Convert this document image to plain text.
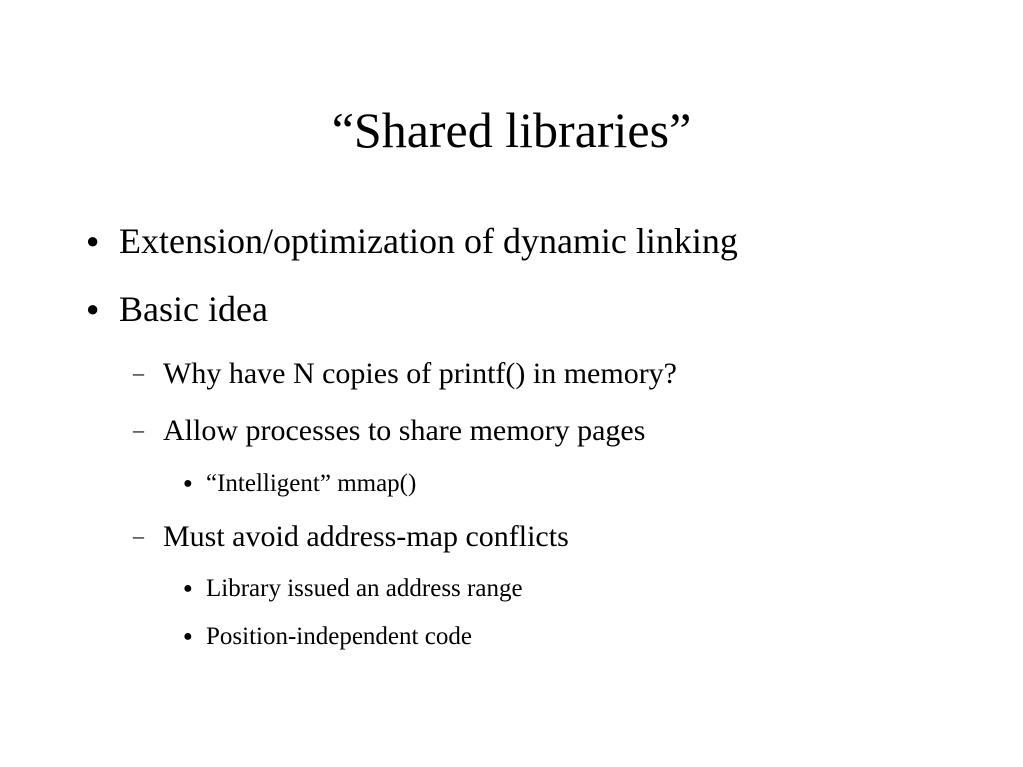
“Shared libraries”
● Extension/optimization of dynamic linking
● Basic idea
– Why have N copies of printf() in memory?
– Allow processes to share memory pages
● “Intelligent” mmap()
– Must avoid address-map conflicts
● Library issued an address range
● Position-independent code
